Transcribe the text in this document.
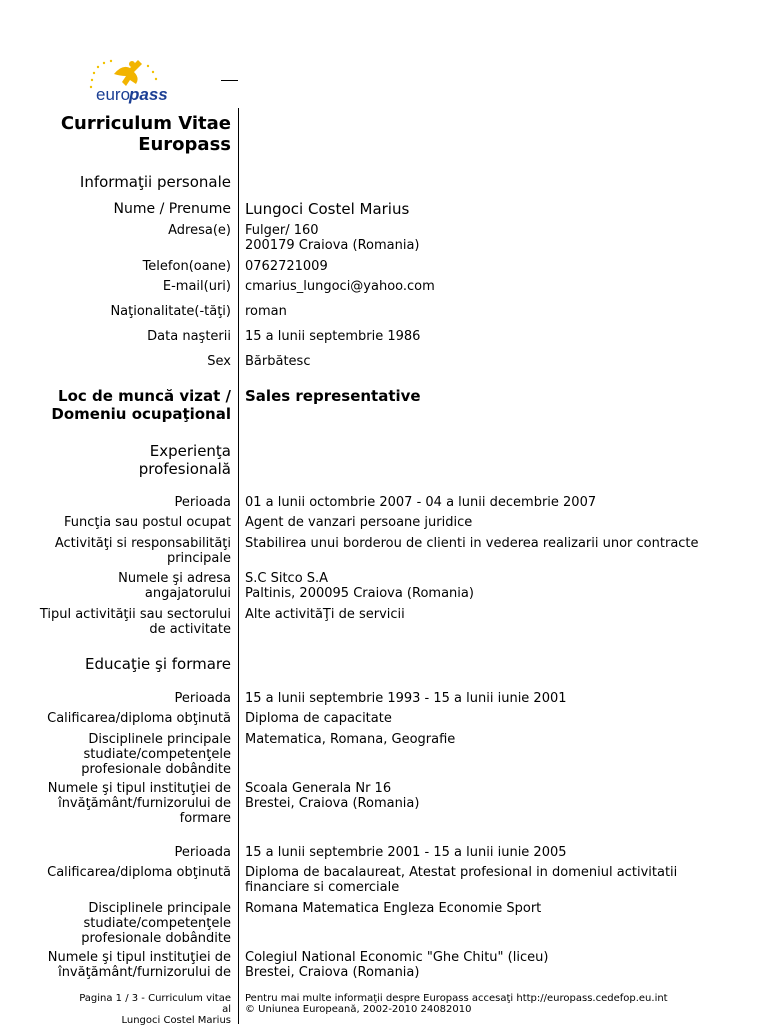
euro
pass
Curriculum Vitae
Europass
Informaţii personale
Nume / Prenume Lungoci Costel Marius
Adresa(e) Fulger/ 160
200179 Craiova (Romania)
Telefon(oane) 0762721009
E-mail(uri) cmarius_lungoci@yahoo.com
Naţionalitate(-tăţi) roman
Data naşterii 15 a lunii septembrie 1986
Sex Bărbătesc
Loc de muncă vizat /
Domeniu ocupaţional
Sales representative
Experienţa
profesională
Perioada 01 a lunii octombrie 2007 - 04 a lunii decembrie 2007
Funcţia sau postul ocupat Agent de vanzari persoane juridice
Activităţi si responsabilităţi
principale
Stabilirea unui borderou de clienti in vederea realizarii unor contracte
Numele şi adresa
angajatorului
S.C Sitco S.A
Paltinis, 200095 Craiova (Romania)
Tipul activităţii sau sectorului
de activitate
Alte activităŢi de servicii
Educaţie şi formare
Perioada 15 a lunii septembrie 1993 - 15 a lunii iunie 2001
Calificarea/diploma obţinută Diploma de capacitate
Disciplinele principale
studiate/competenţele
profesionale dobândite
Matematica, Romana, Geografie
Numele şi tipul instituţiei de
învăţământ/furnizorului de
formare
Scoala Generala Nr 16
Brestei, Craiova (Romania)
Perioada 15 a lunii septembrie 2001 - 15 a lunii iunie 2005
Calificarea/diploma obţinută Diploma de bacalaureat, Atestat profesional in domeniul activitatii
financiare si comerciale
Disciplinele principale
studiate/competenţele
profesionale dobândite
Romana Matematica Engleza Economie Sport
Numele şi tipul instituţiei de
învăţământ/furnizorului de
Colegiul National Economic "Ghe Chitu" (liceu)
Brestei, Craiova (Romania)
Pagina 1 / 3 - Curriculum vitae
al
Lungoci Costel Marius
Pentru mai multe informaţii despre Europass accesaţi http://europass.cedefop.eu.int
© Uniunea Europeană, 2002-2010 24082010
